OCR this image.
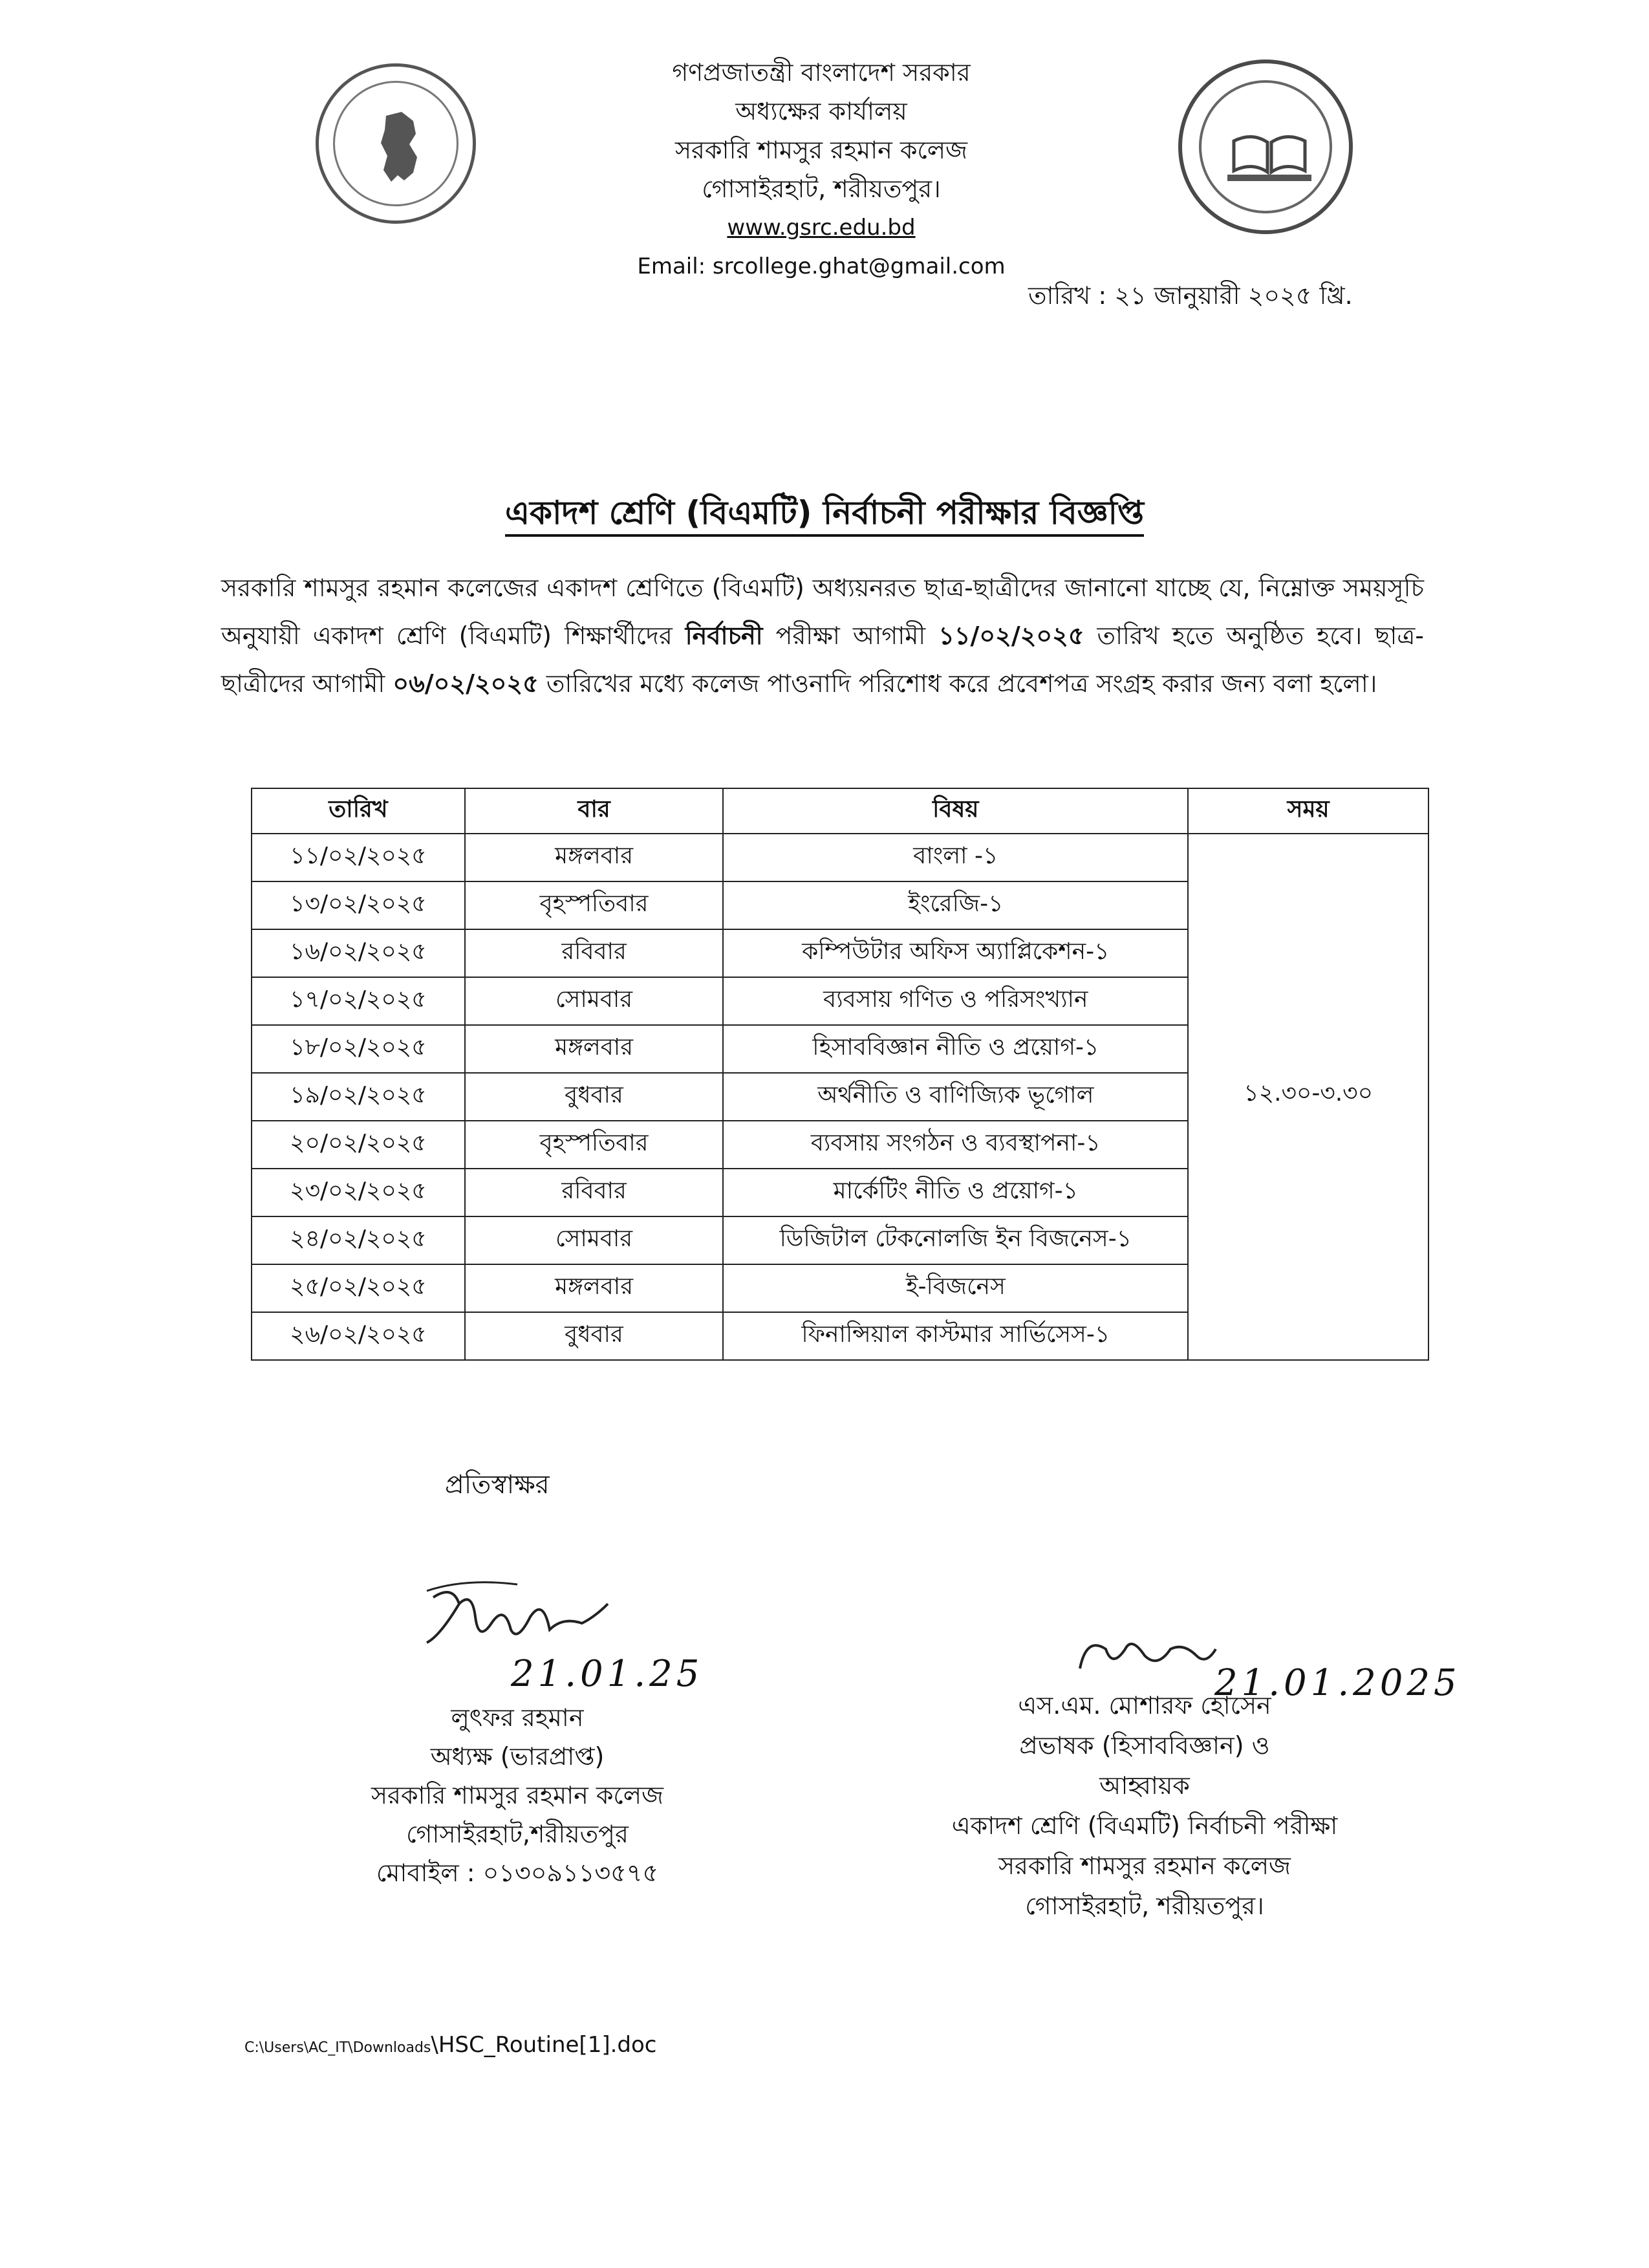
গণপ্রজাতন্ত্রী বাংলাদেশ সরকার
অধ্যক্ষের কার্যালয়
সরকারি শামসুর রহমান কলেজ
গোসাইরহাট, শরীয়তপুর।
www.gsrc.edu.bd
Email: srcollege.ghat@gmail.com
তারিখ : ২১ জানুয়ারী ২০২৫ খ্রি.
একাদশ শ্রেণি (বিএমটি) নির্বাচনী পরীক্ষার বিজ্ঞপ্তি
সরকারি শামসুর রহমান কলেজের একাদশ শ্রেণিতে (বিএমটি) অধ্যয়নরত ছাত্র-ছাত্রীদের জানানো যাচ্ছে যে, নিম্নোক্ত সময়সূচি অনুযায়ী একাদশ শ্রেণি (বিএমটি) শিক্ষার্থীদের নির্বাচনী পরীক্ষা আগামী ১১/০২/২০২৫ তারিখ হতে অনুষ্ঠিত হবে। ছাত্র-ছাত্রীদের আগামী ০৬/০২/২০২৫ তারিখের মধ্যে কলেজ পাওনাদি পরিশোধ করে প্রবেশপত্র সংগ্রহ করার জন্য বলা হলো।
তারিখ	বার	বিষয়	সময়
১১/০২/২০২৫	মঙ্গলবার	বাংলা -১	১২.৩০-৩.৩০
১৩/০২/২০২৫	বৃহস্পতিবার	ইংরেজি-১	
১৬/০২/২০২৫	রবিবার	কম্পিউটার অফিস অ্যাপ্লিকেশন-১	
১৭/০২/২০২৫	সোমবার	ব্যবসায় গণিত ও পরিসংখ্যান	
১৮/০২/২০২৫	মঙ্গলবার	হিসাববিজ্ঞান নীতি ও প্রয়োগ-১	
১৯/০২/২০২৫	বুধবার	অর্থনীতি ও বাণিজ্যিক ভূগোল	
২০/০২/২০২৫	বৃহস্পতিবার	ব্যবসায় সংগঠন ও ব্যবস্থাপনা-১	
২৩/০২/২০২৫	রবিবার	মার্কেটিং নীতি ও প্রয়োগ-১	
২৪/০২/২০২৫	সোমবার	ডিজিটাল টেকনোলজি ইন বিজনেস-১	
২৫/০২/২০২৫	মঙ্গলবার	ই-বিজনেস	
২৬/০২/২০২৫	বুধবার	ফিনান্সিয়াল কাস্টমার সার্ভিসেস-১	
প্রতিস্বাক্ষর
21.01.25	21.01.2025
লুৎফর রহমান
অধ্যক্ষ (ভারপ্রাপ্ত)
সরকারি শামসুর রহমান কলেজ
গোসাইরহাট,শরীয়তপুর
মোবাইল : ০১৩০৯১১৩৫৭৫
এস.এম. মোশারফ হোসেন
প্রভাষক (হিসাববিজ্ঞান) ও
আহ্বায়ক
একাদশ শ্রেণি (বিএমটি) নির্বাচনী পরীক্ষা
সরকারি শামসুর রহমান কলেজ
গোসাইরহাট, শরীয়তপুর।
C:\Users\AC_IT\Downloads\HSC_Routine[1].doc
